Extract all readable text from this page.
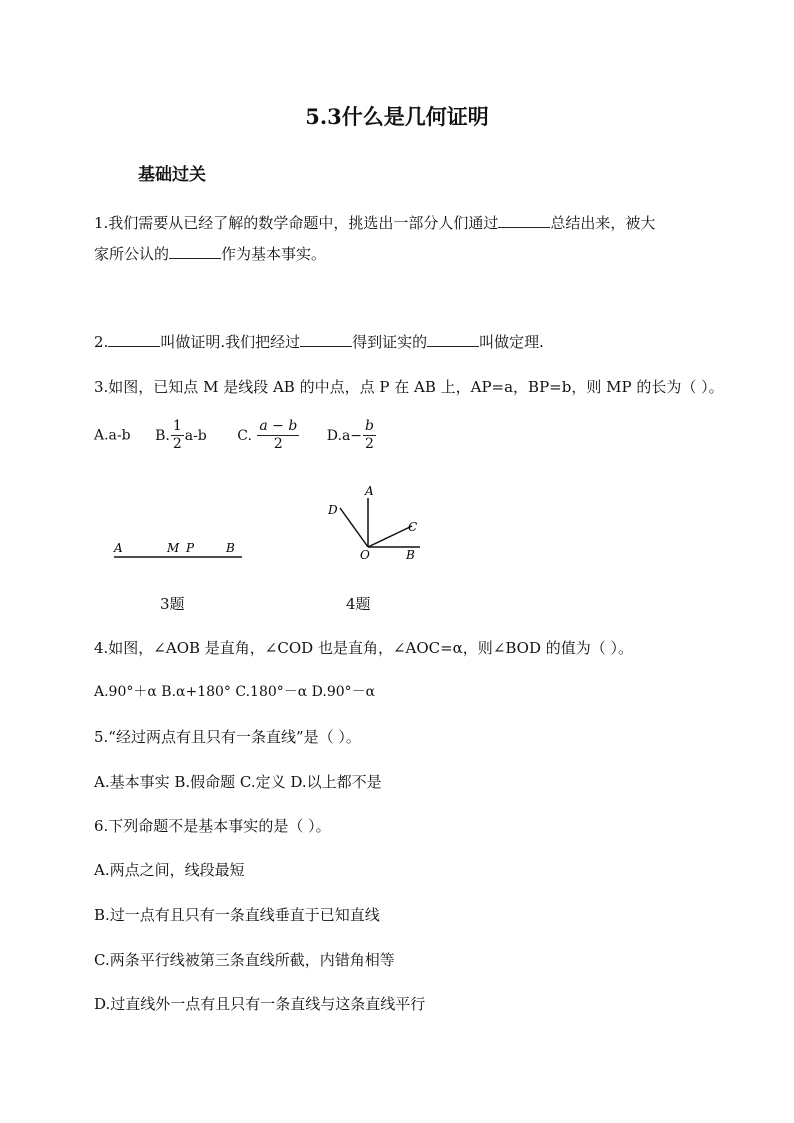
5.3什么是几何证明
基础过关
1.我们需要从已经了解的数学命题中，挑选出一部分人们通过	总结出来，被大
家所公认的	作为基本事实。
2.	叫做证明.我们把经过	得到证实的	叫做定理.
3.如图，已知点 M 是线段 AB 的中点，点 P 在 AB 上，AP=a，BP=b，则 MP 的长为（ ）。
A.a-b B. $\frac{1}{2} a-b$ C. $\frac{a - b}{2} D.a- \frac{b}{2}$
A	M P	B
3题
A
D
C
O	B
4题
4.如图，∠AOB 是直角，∠COD 也是直角，∠AOC=α，则∠BOD 的值为（ ）。
A.90°＋α B.α+180° C.180°－α D.90°－α
5.“经过两点有且只有一条直线”是（ ）。
A.基本事实 B.假命题 C.定义 D.以上都不是
6.下列命题不是基本事实的是（ ）。
A.两点之间，线段最短
B.过一点有且只有一条直线垂直于已知直线
C.两条平行线被第三条直线所截，内错角相等
D.过直线外一点有且只有一条直线与这条直线平行
